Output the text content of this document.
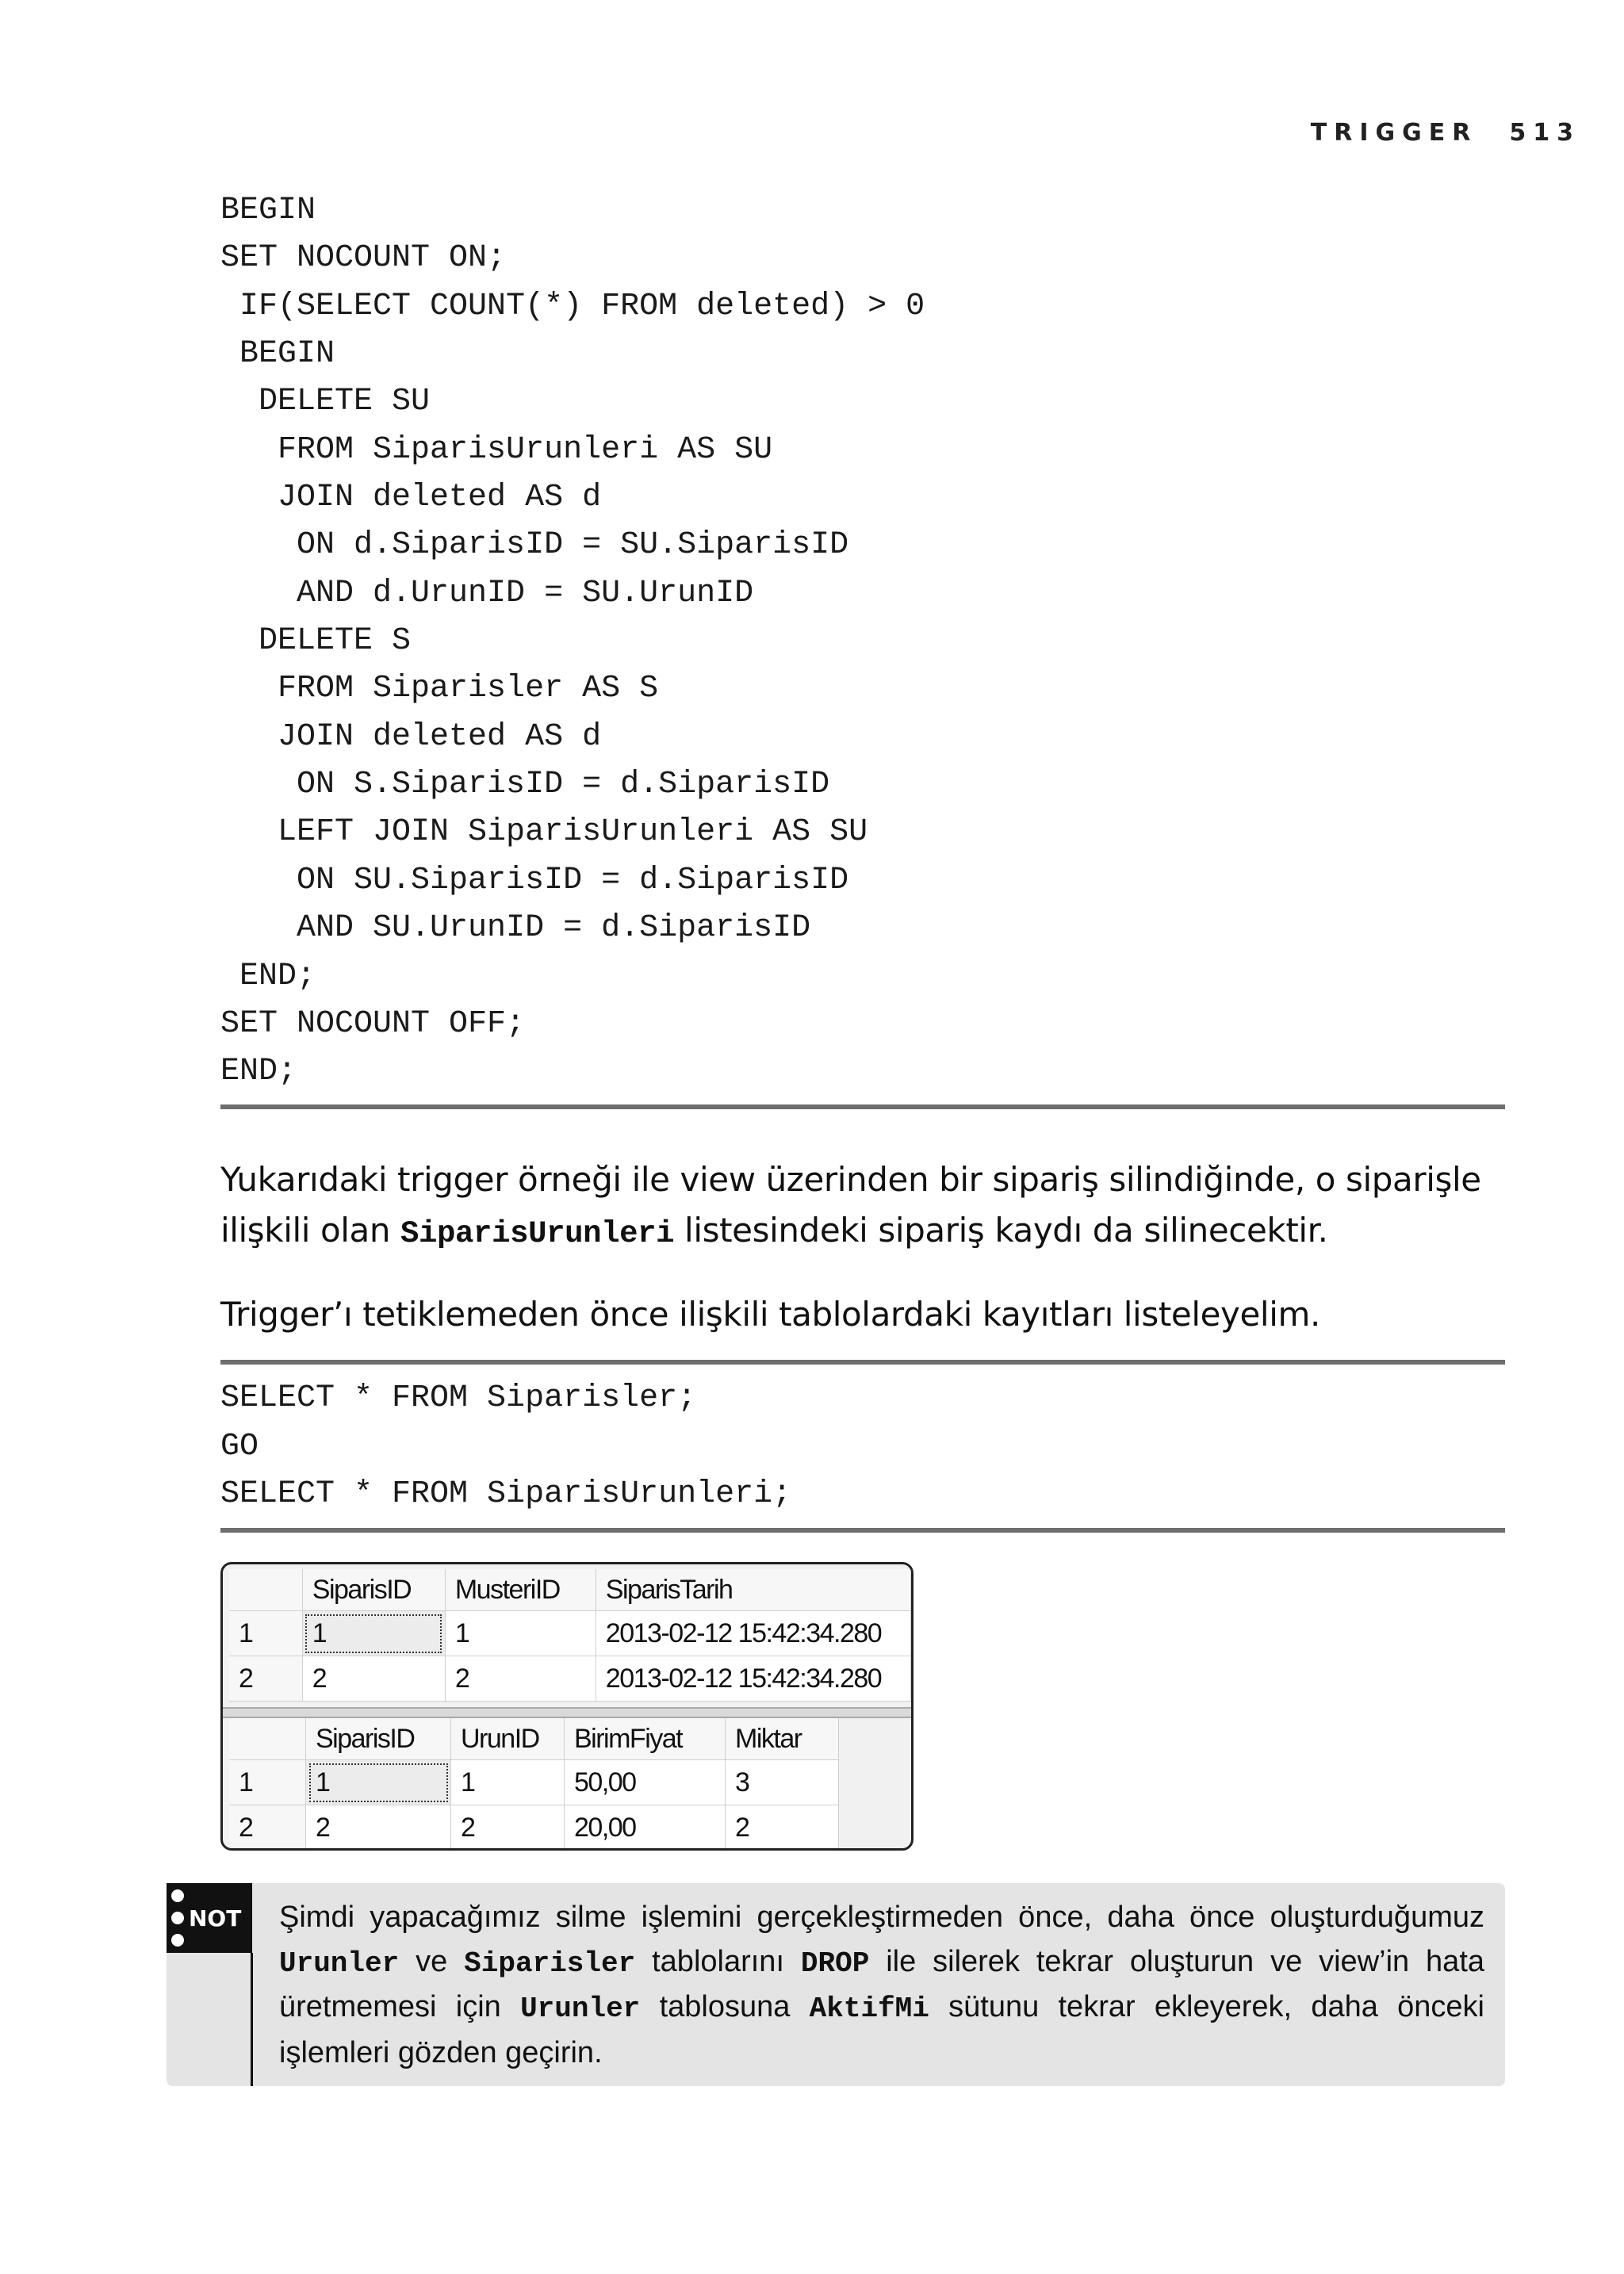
TRIGGER 513
BEGIN
SET NOCOUNT ON;
IF(SELECT COUNT(*) FROM deleted) > 0
BEGIN
DELETE SU
FROM SiparisUrunleri AS SU
JOIN deleted AS d
ON d.SiparisID = SU.SiparisID
AND d.UrunID = SU.UrunID
DELETE S
FROM Siparisler AS S
JOIN deleted AS d
ON S.SiparisID = d.SiparisID
LEFT JOIN SiparisUrunleri AS SU
ON SU.SiparisID = d.SiparisID
AND SU.UrunID = d.SiparisID
END;
SET NOCOUNT OFF;
END;

Yukarıdaki trigger örneği ile view üzerinden bir sipariş silindiğinde, o siparişle ilişkili olan SiparisUrunleri listesindeki sipariş kaydı da silinecektir.

Trigger’ı tetiklemeden önce ilişkili tablolardaki kayıtları listeleyelim.

SELECT * FROM Siparisler;
GO
SELECT * FROM SiparisUrunleri;
	SiparisID	MusteriID	SiparisTarih
1	1	1	2013-02-12 15:42:34.280
2	2	2	2013-02-12 15:42:34.280
	SiparisID	UrunID	BirimFiyat	Miktar
1	1	1	50,00	3
2	2	2	20,00	2
NOT Şimdi yapacağımız silme işlemini gerçekleştirmeden önce, daha önce oluşturduğumuz Urunler ve Siparisler tablolarını DROP ile silerek tekrar oluşturun ve view’in hata üretmemesi için Urunler tablosuna AktifMi sütunu tekrar ekleyerek, daha önceki işlemleri gözden geçirin.
